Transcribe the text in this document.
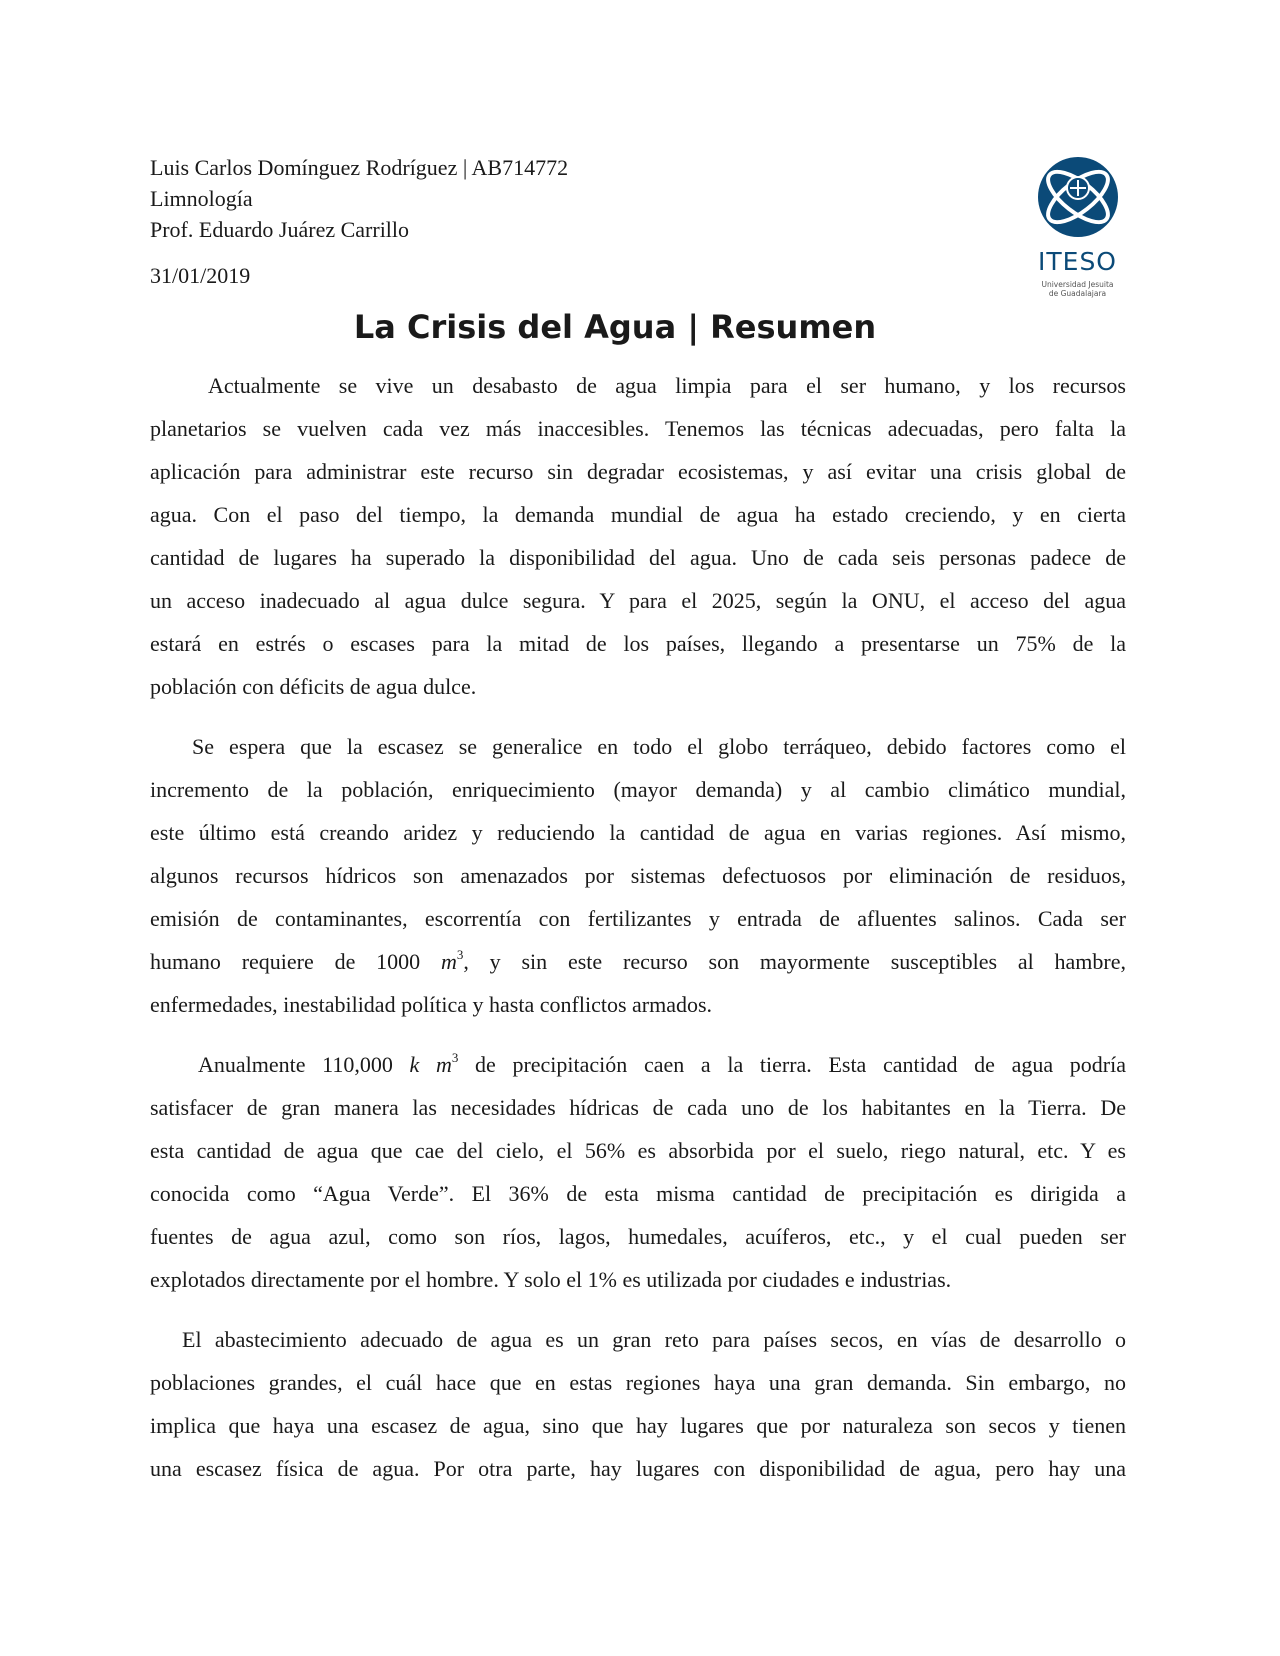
Luis Carlos Domínguez Rodríguez | AB714772
Limnología
Prof. Eduardo Juárez Carrillo
31/01/2019	ITESO
Universidad Jesuita
de Guadalajara
La Crisis del Agua | Resumen

Actualmente se vive un desabasto de agua limpia para el ser humano, y los recursos
planetarios se vuelven cada vez más inaccesibles. Tenemos las técnicas adecuadas, pero falta la
aplicación para administrar este recurso sin degradar ecosistemas, y así evitar una crisis global de
agua. Con el paso del tiempo, la demanda mundial de agua ha estado creciendo, y en cierta
cantidad de lugares ha superado la disponibilidad del agua. Uno de cada seis personas padece de
un acceso inadecuado al agua dulce segura. Y para el 2025, según la ONU, el acceso del agua
estará en estrés o escases para la mitad de los países, llegando a presentarse un 75% de la
población con déficits de agua dulce.

Se espera que la escasez se generalice en todo el globo terráqueo, debido factores como el
incremento de la población, enriquecimiento (mayor demanda) y al cambio climático mundial,
este último está creando aridez y reduciendo la cantidad de agua en varias regiones. Así mismo,
algunos recursos hídricos son amenazados por sistemas defectuosos por eliminación de residuos,
emisión de contaminantes, escorrentía con fertilizantes y entrada de afluentes salinos. Cada ser
humano requiere de 1000 $m^3$, y sin este recurso son mayormente susceptibles al hambre,
enfermedades, inestabilidad política y hasta conflictos armados.

Anualmente 110,000 k $m^3$ de precipitación caen a la tierra. Esta cantidad de agua podría
satisfacer de gran manera las necesidades hídricas de cada uno de los habitantes en la Tierra. De
esta cantidad de agua que cae del cielo, el 56% es absorbida por el suelo, riego natural, etc. Y es
conocida como “Agua Verde”. El 36% de esta misma cantidad de precipitación es dirigida a
fuentes de agua azul, como son ríos, lagos, humedales, acuíferos, etc., y el cual pueden ser
explotados directamente por el hombre. Y solo el 1% es utilizada por ciudades e industrias.

El abastecimiento adecuado de agua es un gran reto para países secos, en vías de desarrollo o
poblaciones grandes, el cuál hace que en estas regiones haya una gran demanda. Sin embargo, no
implica que haya una escasez de agua, sino que hay lugares que por naturaleza son secos y tienen
una escasez física de agua. Por otra parte, hay lugares con disponibilidad de agua, pero hay una
